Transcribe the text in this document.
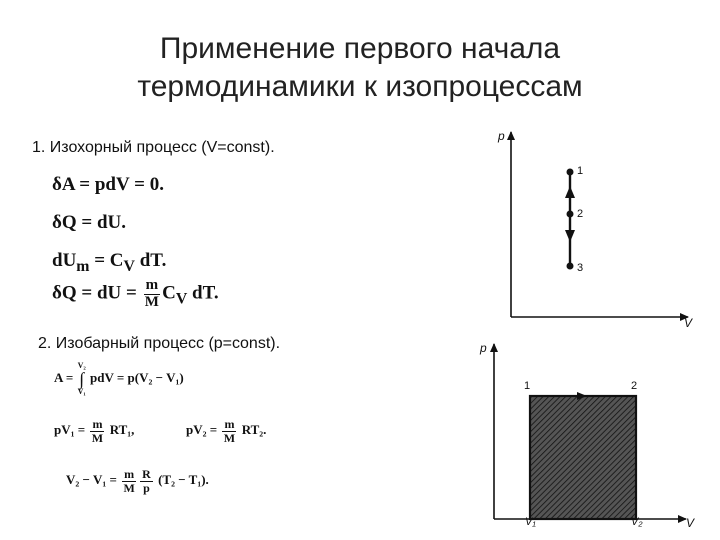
Применение первого начала
термодинамики к изопроцессам
1. Изохорный процесс (V=const).
δA = pdV = 0.
δQ = dU.
$dU_m = C_V$ dT.
δQ = dU = $\frac{m}{M} C_V$ dT.
2. Изобарный процесс (p=const).
A =
V₂
∫
V₁
pdV = p(V₂ − V₁)
$pV_1 = \frac{m}{M} RT_1$,	$pV_2 = \frac{m}{M} RT_2$.
$V_2 - V_1 = \frac{m}{M} \frac{R}{p} (T_2 - T_1)$.
p
V
1
2
3
p
V
1	2
V₁	V₂
